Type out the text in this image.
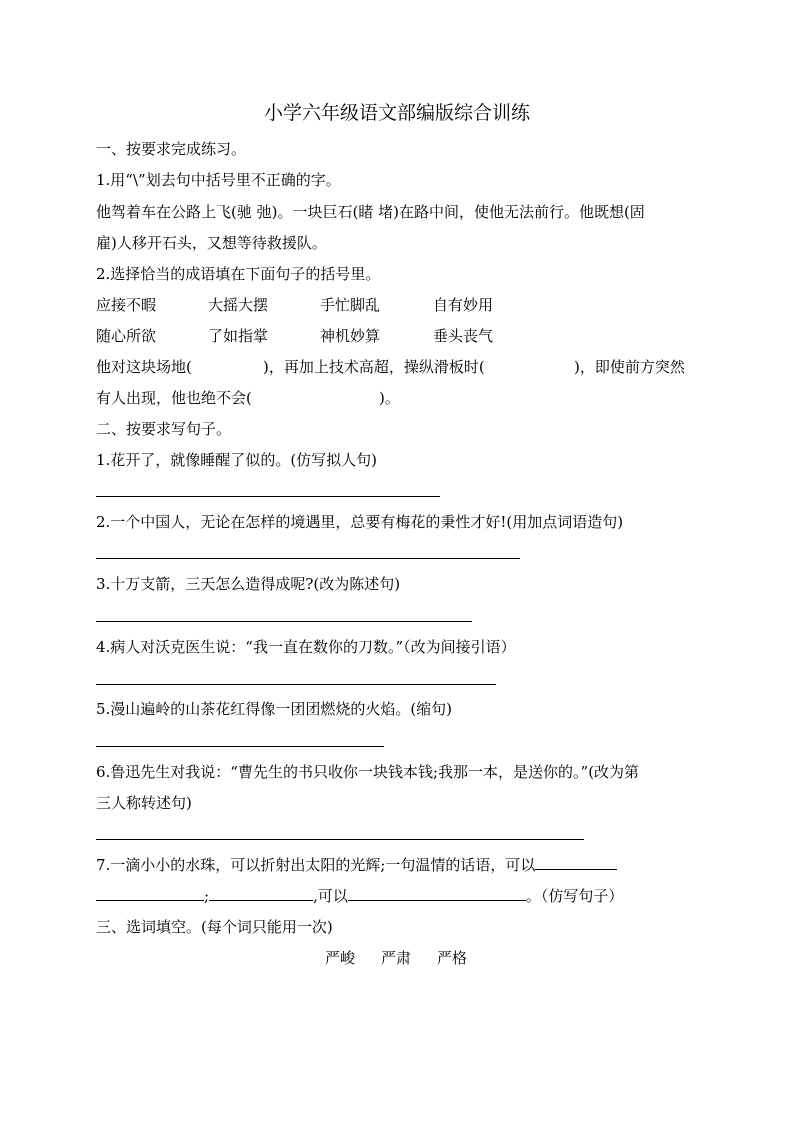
小学六年级语文部编版综合训练
一、按要求完成练习。
1.用“\”划去句中括号里不正确的字。
他驾着车在公路上飞(驰 弛)。一块巨石(睹 堵)在路中间，使他无法前行。他既想(固
雇)人移开石头，又想等待救援队。
2.选择恰当的成语填在下面句子的括号里。
应接不暇	大摇大摆	手忙脚乱	自有妙用
随心所欲	了如指掌	神机妙算	垂头丧气
他对这块场地(	)，再加上技术高超，操纵滑板时(	)，即使前方突然
有人出现，他也绝不会(	)。
二、按要求写句子。
1.花开了，就像睡醒了似的。(仿写拟人句)
2.一个中国人，无论在怎样的境遇里，总要有梅花的秉性才好!(用加点词语造句)
3.十万支箭，三天怎么造得成呢?(改为陈述句)
4.病人对沃克医生说：“我一直在数你的刀数。”（改为间接引语）
5.漫山遍岭的山茶花红得像一团团燃烧的火焰。(缩句)
6.鲁迅先生对我说：“曹先生的书只收你一块钱本钱;我那一本，是送你的。”(改为第
三人称转述句)
7.一滴小小的水珠，可以折射出太阳的光辉;一句温情的话语，可以
;	,可以	。（仿写句子）
三、选词填空。(每个词只能用一次)
严峻 严肃 严格
